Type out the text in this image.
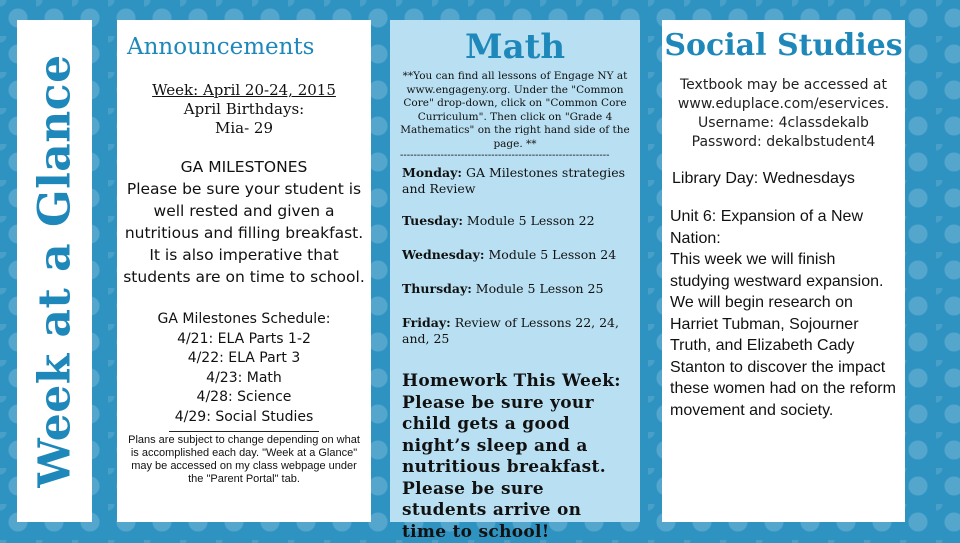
Week at a Glance
Announcements
Week: April 20-24, 2015
April Birthdays:
Mia- 29
GA MILESTONES
Please be sure your student is well rested and given a nutritious and filling breakfast. It is also imperative that students are on time to school.
GA Milestones Schedule:
4/21: ELA Parts 1-2
4/22: ELA Part 3
4/23: Math
4/28: Science
4/29: Social Studies
Plans are subject to change depending on what is accomplished each day. "Week at a Glance" may be accessed on my class webpage under the "Parent Portal" tab.
Math
**You can find all lessons of Engage NY at www.engageny.org. Under the "Common Core" drop-down, click on "Common Core Curriculum". Then click on "Grade 4 Mathematics" on the right hand side of the page. **
--------------------------------------------------------------
Monday: GA Milestones strategies and Review
Tuesday: Module 5 Lesson 22
Wednesday: Module 5 Lesson 24
Thursday: Module 5 Lesson 25
Friday: Review of Lessons 22, 24, and, 25
Homework This Week: Please be sure your child gets a good night’s sleep and a nutritious breakfast. Please be sure students arrive on time to school!
Social Studies
Textbook may be accessed at www.eduplace.com/eservices.
Username: 4classdekalb
Password: dekalbstudent4
Library Day: Wednesdays
Unit 6: Expansion of a New Nation:
This week we will finish studying westward expansion. We will begin research on Harriet Tubman, Sojourner Truth, and Elizabeth Cady Stanton to discover the impact these women had on the reform movement and society.
